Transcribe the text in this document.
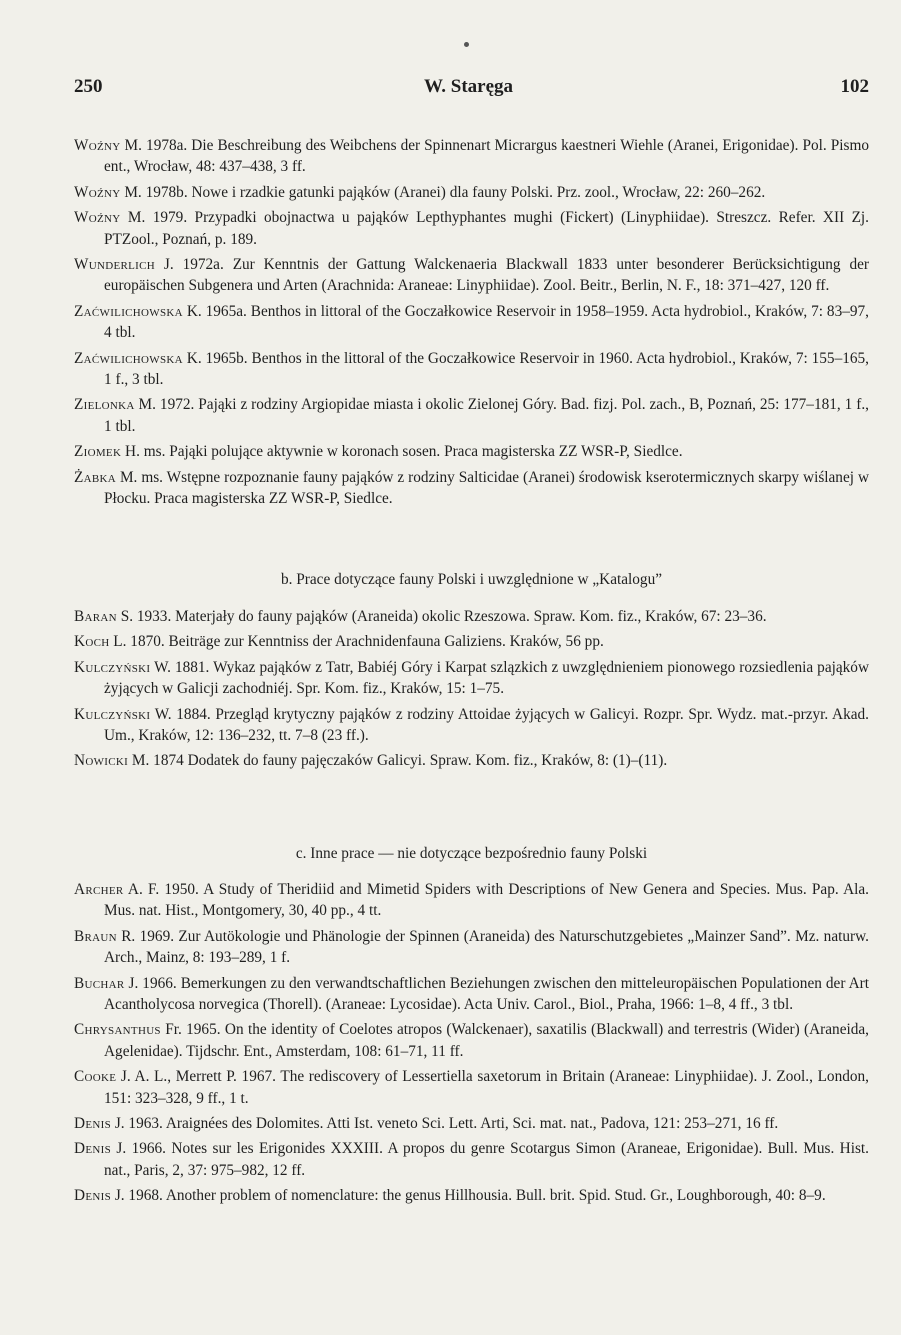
250	W. Staręga	102

Woźny M. 1978a. Die Beschreibung des Weibchens der Spinnenart Micrargus kaestneri Wiehle (Aranei, Erigonidae). Pol. Pismo ent., Wrocław, 48: 437–438, 3 ff.

Woźny M. 1978b. Nowe i rzadkie gatunki pająków (Aranei) dla fauny Polski. Prz. zool., Wrocław, 22: 260–262.

Woźny M. 1979. Przypadki obojnactwa u pająków Lepthyphantes mughi (Fickert) (Linyphiidae). Streszcz. Refer. XII Zj. PTZool., Poznań, p. 189.

Wunderlich J. 1972a. Zur Kenntnis der Gattung Walckenaeria Blackwall 1833 unter besonderer Berücksichtigung der europäischen Subgenera und Arten (Arachnida: Araneae: Linyphiidae). Zool. Beitr., Berlin, N. F., 18: 371–427, 120 ff.

Zaćwilichowska K. 1965a. Benthos in littoral of the Goczałkowice Reservoir in 1958–1959. Acta hydrobiol., Kraków, 7: 83–97, 4 tbl.

Zaćwilichowska K. 1965b. Benthos in the littoral of the Goczałkowice Reservoir in 1960. Acta hydrobiol., Kraków, 7: 155–165, 1 f., 3 tbl.

Zielonka M. 1972. Pająki z rodziny Argiopidae miasta i okolic Zielonej Góry. Bad. fizj. Pol. zach., B, Poznań, 25: 177–181, 1 f., 1 tbl.

Ziomek H. ms. Pająki polujące aktywnie w koronach sosen. Praca magisterska ZZ WSR-P, Siedlce.

Żabka M. ms. Wstępne rozpoznanie fauny pająków z rodziny Salticidae (Aranei) środowisk kserotermicznych skarpy wiślanej w Płocku. Praca magisterska ZZ WSR-P, Siedlce.

b. Prace dotyczące fauny Polski i uwzględnione w „Katalogu”

Baran S. 1933. Materjały do fauny pająków (Araneida) okolic Rzeszowa. Spraw. Kom. fiz., Kraków, 67: 23–36.

Koch L. 1870. Beiträge zur Kenntniss der Arachnidenfauna Galiziens. Kraków, 56 pp.

Kulczyński W. 1881. Wykaz pająków z Tatr, Babiéj Góry i Karpat szlązkich z uwzględnieniem pionowego rozsiedlenia pająków żyjących w Galicji zachodniéj. Spr. Kom. fiz., Kraków, 15: 1–75.

Kulczyński W. 1884. Przegląd krytyczny pająków z rodziny Attoidae żyjących w Galicyi. Rozpr. Spr. Wydz. mat.-przyr. Akad. Um., Kraków, 12: 136–232, tt. 7–8 (23 ff.).

Nowicki M. 1874 Dodatek do fauny pajęczaków Galicyi. Spraw. Kom. fiz., Kraków, 8: (1)–(11).

c. Inne prace — nie dotyczące bezpośrednio fauny Polski

Archer A. F. 1950. A Study of Theridiid and Mimetid Spiders with Descriptions of New Genera and Species. Mus. Pap. Ala. Mus. nat. Hist., Montgomery, 30, 40 pp., 4 tt.

Braun R. 1969. Zur Autökologie und Phänologie der Spinnen (Araneida) des Naturschutzgebietes „Mainzer Sand”. Mz. naturw. Arch., Mainz, 8: 193–289, 1 f.

Buchar J. 1966. Bemerkungen zu den verwandtschaftlichen Beziehungen zwischen den mitteleuropäischen Populationen der Art Acantholycosa norvegica (Thorell). (Araneae: Lycosidae). Acta Univ. Carol., Biol., Praha, 1966: 1–8, 4 ff., 3 tbl.

Chrysanthus Fr. 1965. On the identity of Coelotes atropos (Walckenaer), saxatilis (Blackwall) and terrestris (Wider) (Araneida, Agelenidae). Tijdschr. Ent., Amsterdam, 108: 61–71, 11 ff.

Cooke J. A. L., Merrett P. 1967. The rediscovery of Lessertiella saxetorum in Britain (Araneae: Linyphiidae). J. Zool., London, 151: 323–328, 9 ff., 1 t.

Denis J. 1963. Araignées des Dolomites. Atti Ist. veneto Sci. Lett. Arti, Sci. mat. nat., Padova, 121: 253–271, 16 ff.

Denis J. 1966. Notes sur les Erigonides XXXIII. A propos du genre Scotargus Simon (Araneae, Erigonidae). Bull. Mus. Hist. nat., Paris, 2, 37: 975–982, 12 ff.

Denis J. 1968. Another problem of nomenclature: the genus Hillhousia. Bull. brit. Spid. Stud. Gr., Loughborough, 40: 8–9.
